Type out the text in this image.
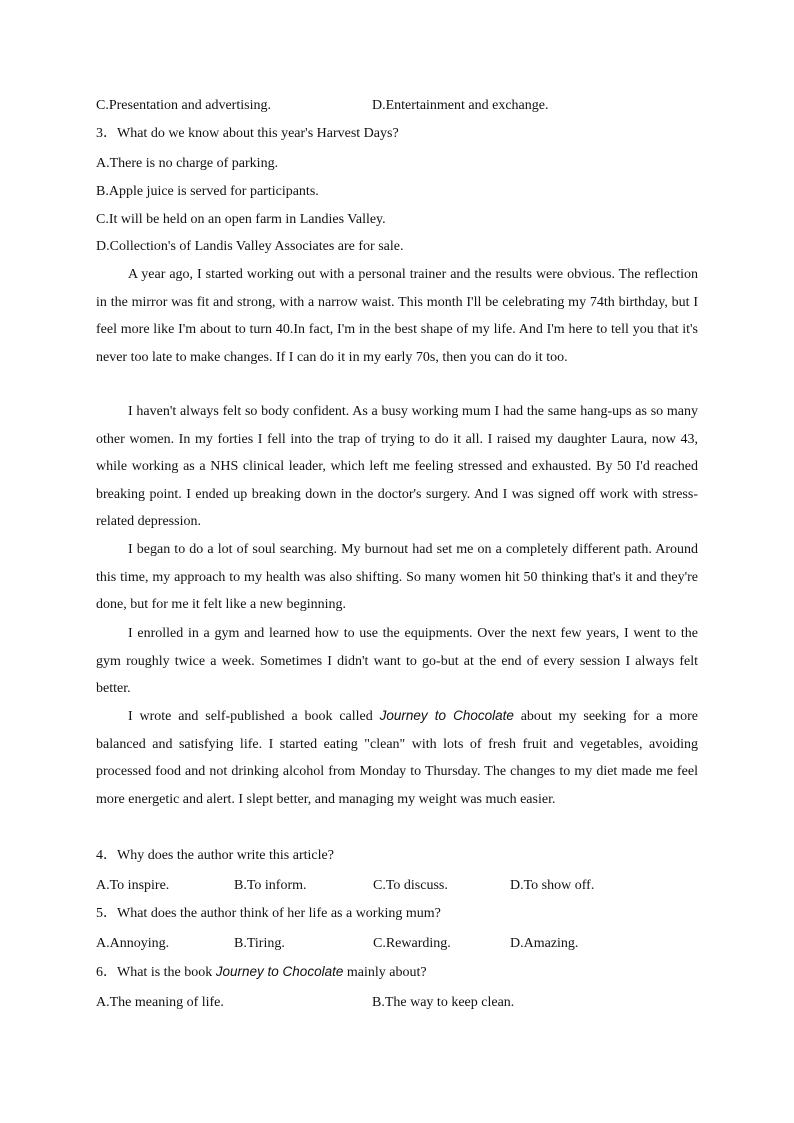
C.Presentation and advertising.	D.Entertainment and exchange.
3．What do we know about this year's Harvest Days?
A.There is no charge of parking.
B.Apple juice is served for participants.
C.It will be held on an open farm in Landies Valley.
D.Collection's of Landis Valley Associates are for sale.
A year ago, I started working out with a personal trainer and the results were obvious. The reflection in the mirror was fit and strong, with a narrow waist. This month I'll be celebrating my 74th birthday, but I feel more like I'm about to turn 40.In fact, I'm in the best shape of my life. And I'm here to tell you that it's never too late to make changes. If I can do it in my early 70s, then you can do it too.
I haven't always felt so body confident. As a busy working mum I had the same hang-ups as so many other women. In my forties I fell into the trap of trying to do it all. I raised my daughter Laura, now 43, while working as a NHS clinical leader, which left me feeling stressed and exhausted. By 50 I'd reached breaking point. I ended up breaking down in the doctor's surgery. And I was signed off work with stress-related depression.
I began to do a lot of soul searching. My burnout had set me on a completely different path. Around this time, my approach to my health was also shifting. So many women hit 50 thinking that's it and they're done, but for me it felt like a new beginning.
I enrolled in a gym and learned how to use the equipments. Over the next few years, I went to the gym roughly twice a week. Sometimes I didn't want to go-but at the end of every session I always felt better.
I wrote and self-published a book called Journey to Chocolate about my seeking for a more balanced and satisfying life. I started eating "clean" with lots of fresh fruit and vegetables, avoiding processed food and not drinking alcohol from Monday to Thursday. The changes to my diet made me feel more energetic and alert. I slept better, and managing my weight was much easier.
4．Why does the author write this article?
A.To inspire.	B.To inform.	C.To discuss.	D.To show off.
5．What does the author think of her life as a working mum?
A.Annoying.	B.Tiring.	C.Rewarding.	D.Amazing.
6．What is the book Journey to Chocolate mainly about?
A.The meaning of life.	B.The way to keep clean.
